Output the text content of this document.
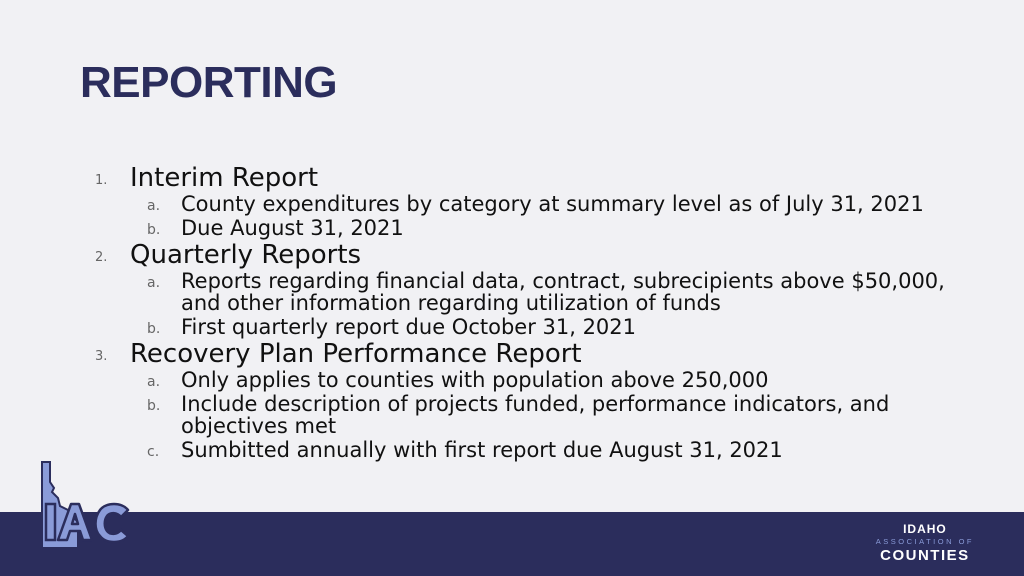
REPORTING
1. Interim Report
a. County expenditures by category at summary level as of July 31, 2021
b. Due August 31, 2021
2. Quarterly Reports
a. Reports regarding financial data, contract, subrecipients above $50,000, and other information regarding utilization of funds
b. First quarterly report due October 31, 2021
3. Recovery Plan Performance Report
a. Only applies to counties with population above 250,000
b. Include description of projects funded, performance indicators, and objectives met
c. Sumbitted annually with first report due August 31, 2021
IDAHO
ASSOCIATION OF
COUNTIES
